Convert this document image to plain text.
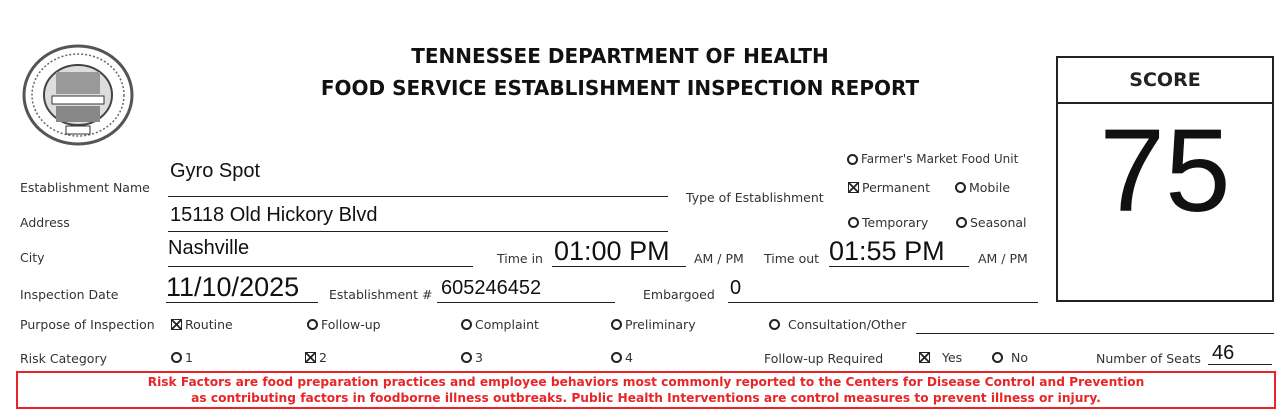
TENNESSEE DEPARTMENT OF HEALTH
FOOD SERVICE ESTABLISHMENT INSPECTION REPORT	SCORE
75
Establishment Name
Gyro Spot
Address	15118 Old Hickory Blvd
City	Nashville	Time in 01:00 PM AM / PM Time out 01:55 PM	AM / PM
Inspection Date 11/10/2025 Establishment # 605246452	Embargoed 0
Type of Establishment
Farmer's Market Food Unit
Permanent	Mobile
Temporary	Seasonal
Purpose of Inspection Routine	Follow-up	Complaint	Preliminary	Consultation/Other
Risk Category	1	2	3	4	Follow-up Required	Yes	No	Number of Seats 46
Risk Factors are food preparation practices and employee behaviors most commonly reported to the Centers for Disease Control and Prevention
as contributing factors in foodborne illness outbreaks. Public Health Interventions are control measures to prevent illness or injury.
